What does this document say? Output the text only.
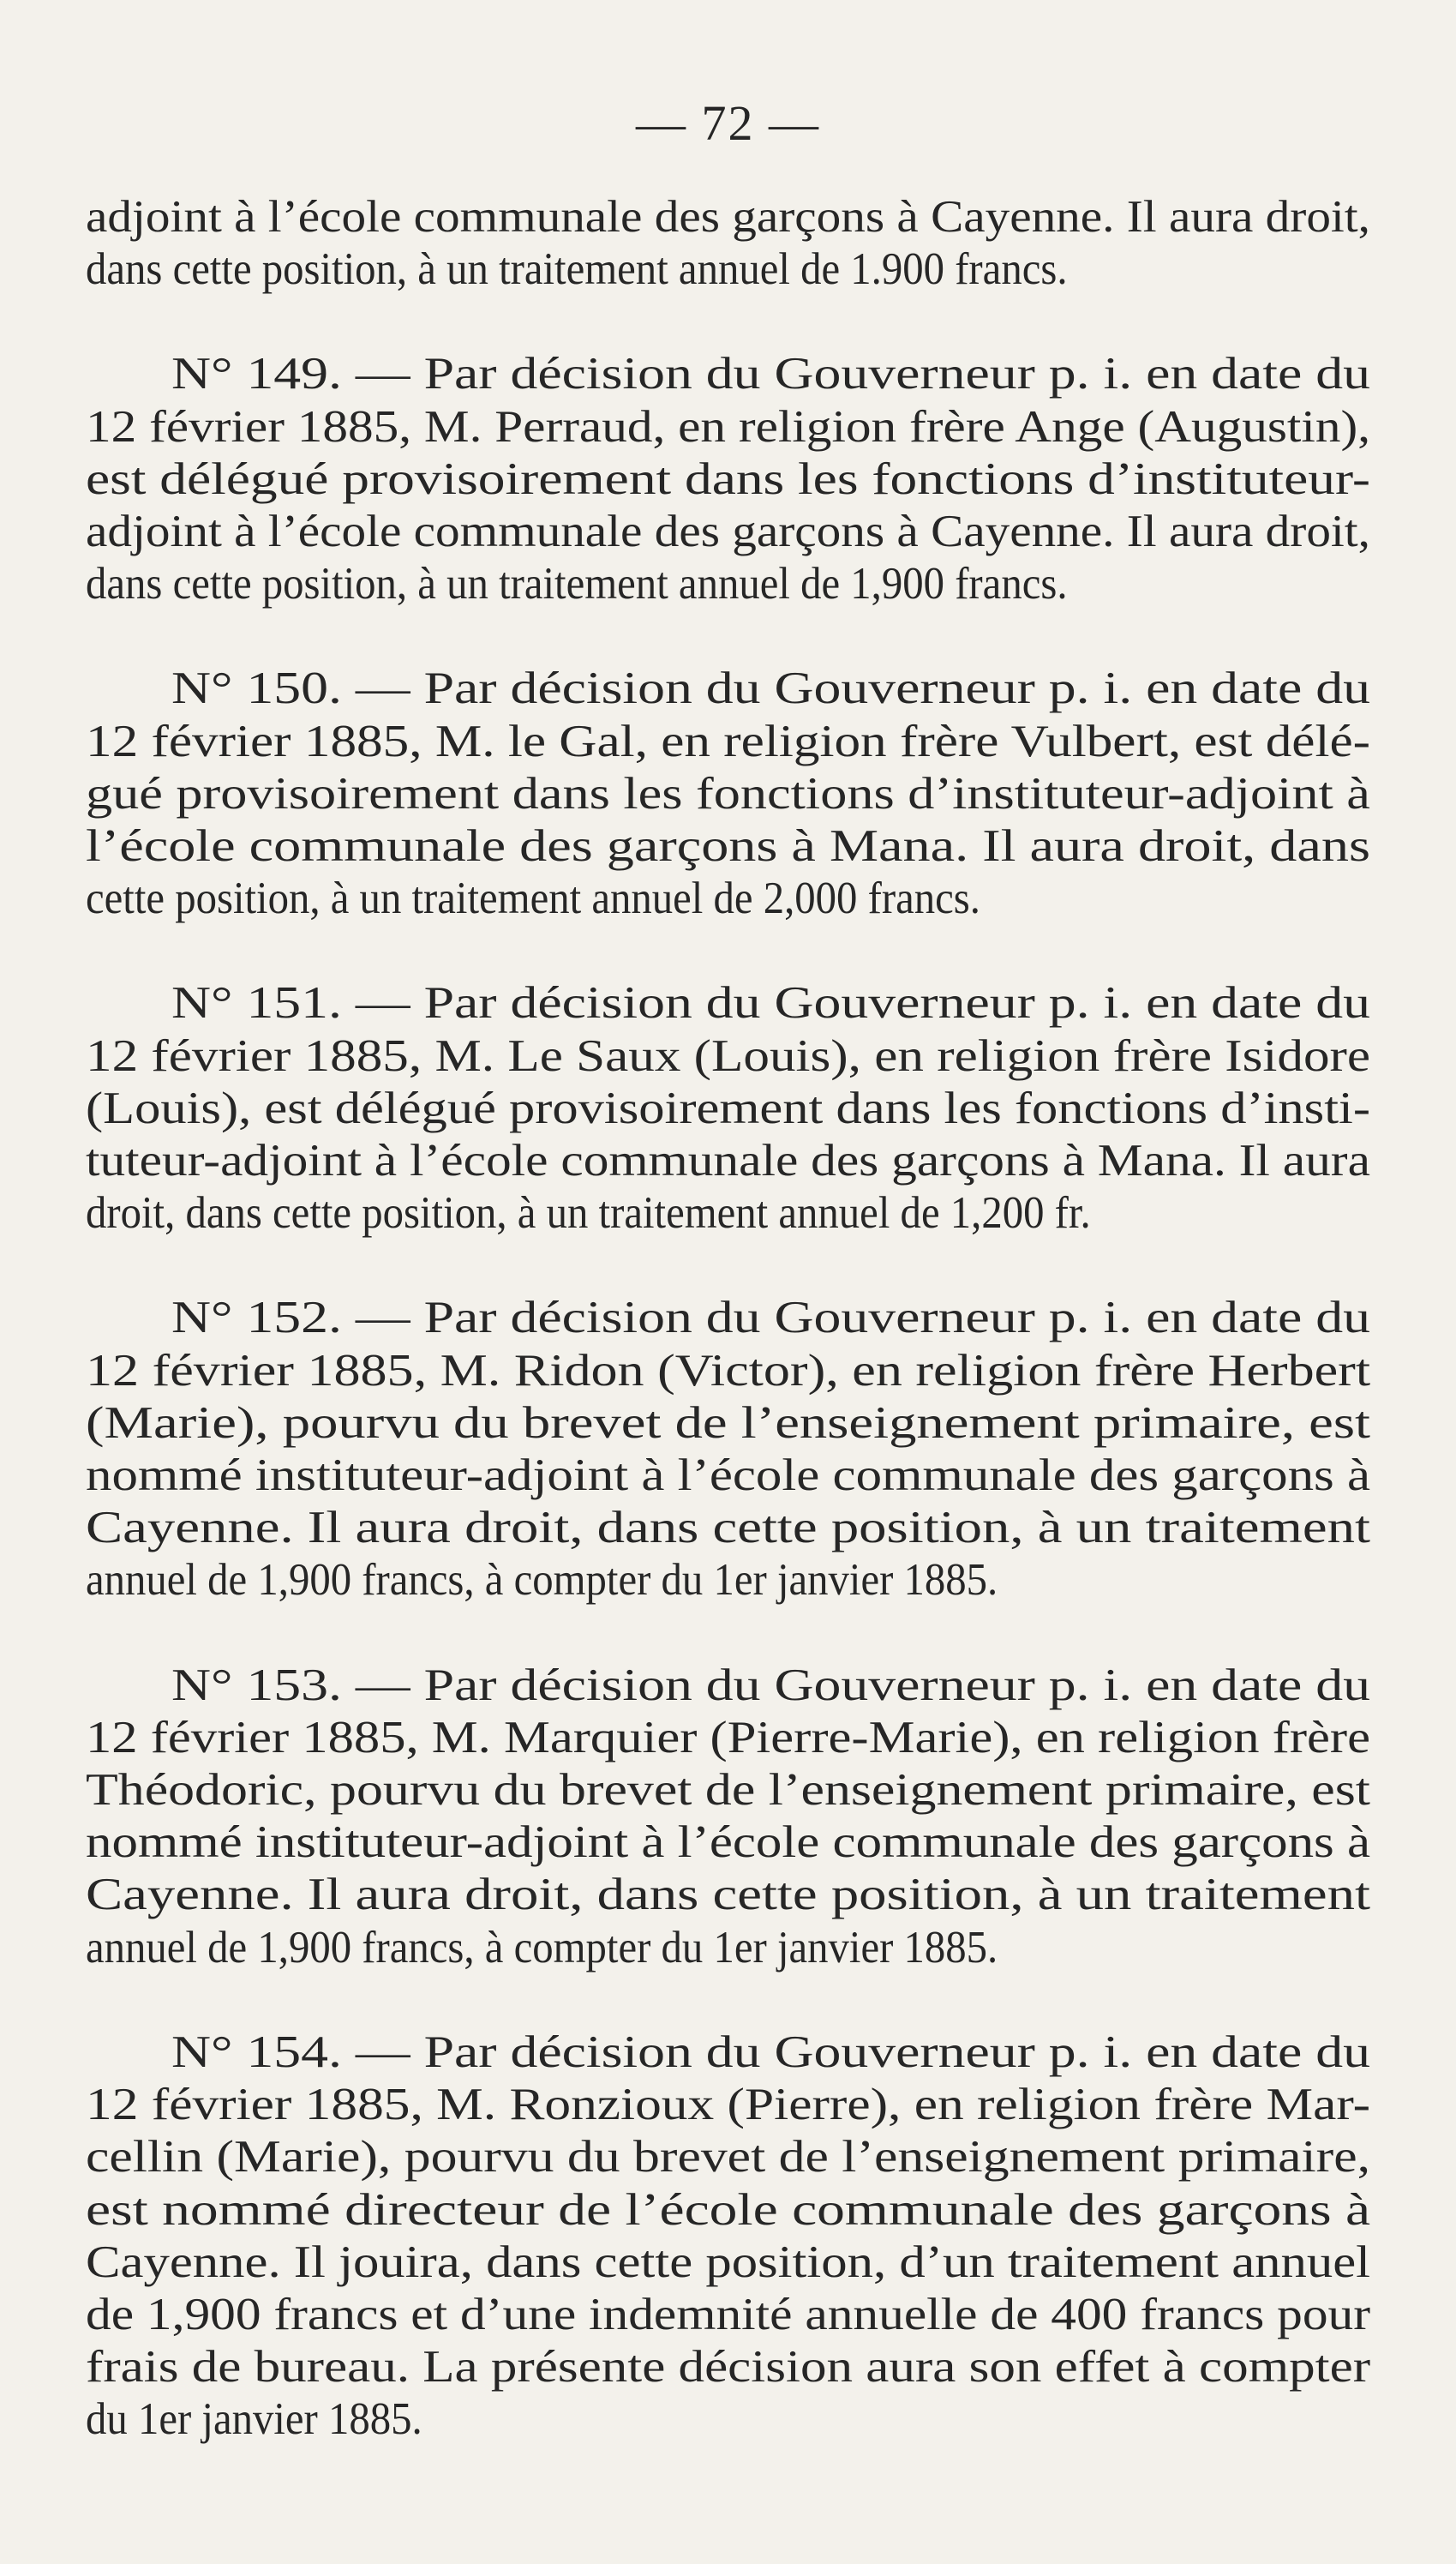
— 72 —
adjoint à l’école communale des garçons à Cayenne. Il aura droit,
dans cette position, à un traitement annuel de 1.900 francs.
N° 149. — Par décision du Gouverneur p. i. en date du
12 février 1885, M. Perraud, en religion frère Ange (Augustin),
est délégué provisoirement dans les fonctions d’instituteur-
adjoint à l’école communale des garçons à Cayenne. Il aura droit,
dans cette position, à un traitement annuel de 1,900 francs.
N° 150. — Par décision du Gouverneur p. i. en date du
12 février 1885, M. le Gal, en religion frère Vulbert, est délé-
gué provisoirement dans les fonctions d’instituteur-adjoint à
l’école communale des garçons à Mana. Il aura droit, dans
cette position, à un traitement annuel de 2,000 francs.
N° 151. — Par décision du Gouverneur p. i. en date du
12 février 1885, M. Le Saux (Louis), en religion frère Isidore
(Louis), est délégué provisoirement dans les fonctions d’insti-
tuteur-adjoint à l’école communale des garçons à Mana. Il aura
droit, dans cette position, à un traitement annuel de 1,200 fr.
N° 152. — Par décision du Gouverneur p. i. en date du
12 février 1885, M. Ridon (Victor), en religion frère Herbert
(Marie), pourvu du brevet de l’enseignement primaire, est
nommé instituteur-adjoint à l’école communale des garçons à
Cayenne. Il aura droit, dans cette position, à un traitement
annuel de 1,900 francs, à compter du 1er janvier 1885.
N° 153. — Par décision du Gouverneur p. i. en date du
12 février 1885, M. Marquier (Pierre-Marie), en religion frère
Théodoric, pourvu du brevet de l’enseignement primaire, est
nommé instituteur-adjoint à l’école communale des garçons à
Cayenne. Il aura droit, dans cette position, à un traitement
annuel de 1,900 francs, à compter du 1er janvier 1885.
N° 154. — Par décision du Gouverneur p. i. en date du
12 février 1885, M. Ronzioux (Pierre), en religion frère Mar-
cellin (Marie), pourvu du brevet de l’enseignement primaire,
est nommé directeur de l’école communale des garçons à
Cayenne. Il jouira, dans cette position, d’un traitement annuel
de 1,900 francs et d’une indemnité annuelle de 400 francs pour
frais de bureau. La présente décision aura son effet à compter
du 1er janvier 1885.
